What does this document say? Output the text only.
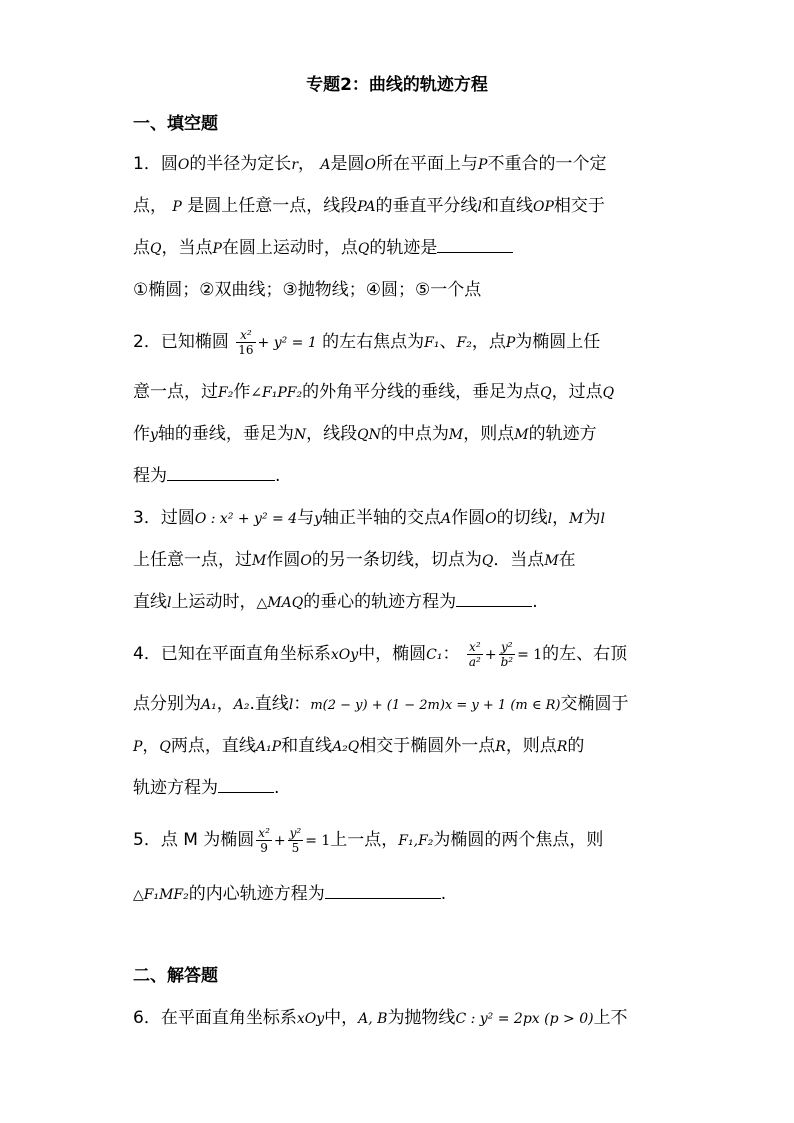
专题2：曲线的轨迹方程
一、填空题
1．圆O的半径为定长r， A是圆O所在平面上与P不重合的一个定
点， P 是圆上任意一点，线段PA的垂直平分线l和直线OP相交于
点Q，当点P在圆上运动时，点Q的轨迹是
①椭圆；②双曲线；③抛物线；④圆；⑤一个点
2．已知椭圆 $\frac{\text{x²}}{16} + y^2 = 1$ 的左右焦点为F₁、F₂，点P为椭圆上任
意一点，过F₂作∠F₁PF₂的外角平分线的垂线，垂足为点Q，过点Q
作y轴的垂线，垂足为N，线段QN的中点为M，则点M的轨迹方
程为	.
3．过圆O : x² + y² = 4与y轴正半轴的交点A作圆O的切线l，M为l
上任意一点，过M作圆O的另一条切线，切点为Q．当点M在
直线l上运动时，△MAQ的垂心的轨迹方程为	.
4．已知在平面直角坐标系xOy中，椭圆C₁： $\frac{\text{x²}}{\text{a²}} + \frac{\text{y²}}{\text{b²}} = 1$的左、右顶
点分别为A₁，A₂.直线l：m(2 − y) + (1 − 2m)x = y + 1 (m ∈ R)交椭圆于
P，Q两点，直线A₁P和直线A₂Q相交于椭圆外一点R，则点R的
轨迹方程为	.
5．点 M 为椭圆 $\frac{\text{x²}}{9} + \frac{\text{y²}}{5} = 1$上一点，F₁,F₂为椭圆的两个焦点，则
△F₁MF₂的内心轨迹方程为	.
二、解答题
6．在平面直角坐标系xOy中，A, B为抛物线C : y² = 2px (p > 0)上不
